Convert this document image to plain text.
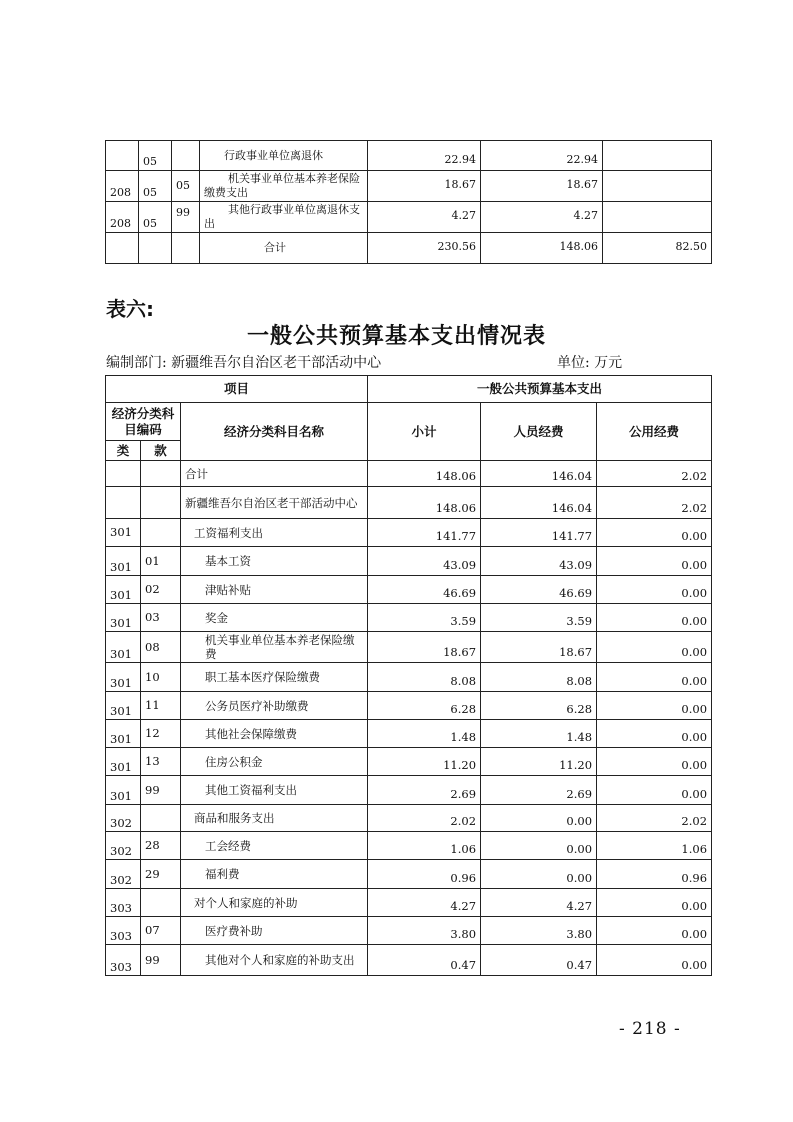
	05		行政事业单位离退休	22.94	22.94	
208	05	05	机关事业单位基本养老保险缴费支出	18.67	18.67	
208	05	99	其他行政事业单位离退休支出	4.27	4.27	
			合计	230.56	148.06	82.50
表六:
一般公共预算基本支出情况表
编制部门: 新疆维吾尔自治区老干部活动中心	单位: 万元
项目			一般公共预算基本支出		
经济分类科目编码		经济分类科目名称	小计	人员经费	公用经费
类	款				
		合计	148.06	146.04	2.02
		新疆维吾尔自治区老干部活动中心	148.06	146.04	2.02
301		工资福利支出	141.77	141.77	0.00
301	01	基本工资	43.09	43.09	0.00
301	02	津贴补贴	46.69	46.69	0.00
301	03	奖金	3.59	3.59	0.00
301	08	机关事业单位基本养老保险缴费	18.67	18.67	0.00
301	10	职工基本医疗保险缴费	8.08	8.08	0.00
301	11	公务员医疗补助缴费	6.28	6.28	0.00
301	12	其他社会保障缴费	1.48	1.48	0.00
301	13	住房公积金	11.20	11.20	0.00
301	99	其他工资福利支出	2.69	2.69	0.00
302		商品和服务支出	2.02	0.00	2.02
302	28	工会经费	1.06	0.00	1.06
302	29	福利费	0.96	0.00	0.96
303		对个人和家庭的补助	4.27	4.27	0.00
303	07	医疗费补助	3.80	3.80	0.00
303	99	其他对个人和家庭的补助支出	0.47	0.47	0.00
- 218 -
